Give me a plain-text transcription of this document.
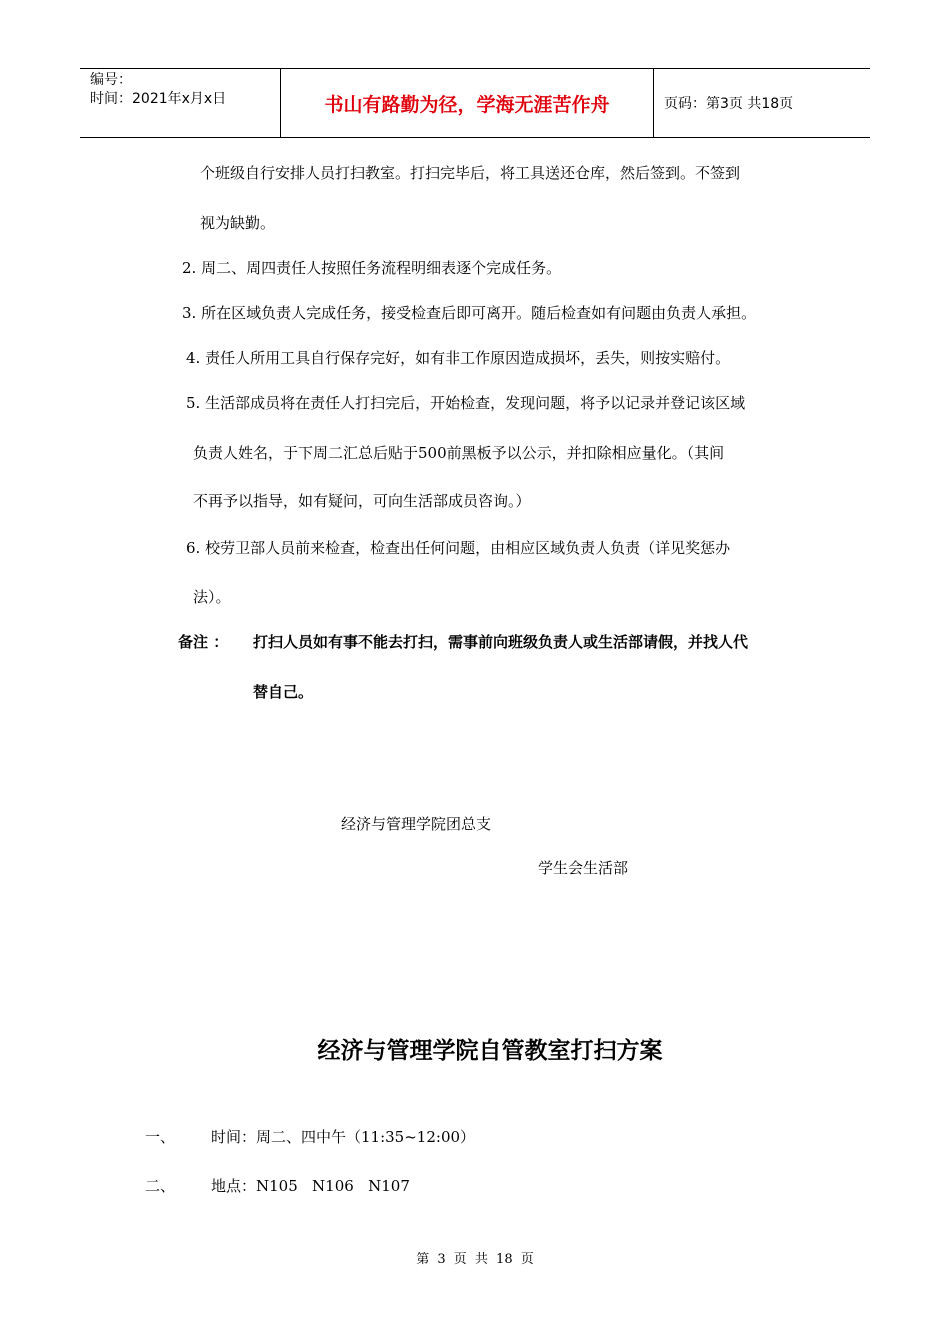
编号：
时间：2021年x月x日	书山有路勤为径，学海无涯苦作舟	页码：第3页 共18页
个班级自行安排人员打扫教室。打扫完毕后，将工具送还仓库，然后签到。不签到
视为缺勤。
2. 周二、周四责任人按照任务流程明细表逐个完成任务。
3. 所在区域负责人完成任务，接受检查后即可离开。随后检查如有问题由负责人承担。
4. 责任人所用工具自行保存完好，如有非工作原因造成损坏，丢失，则按实赔付。
5. 生活部成员将在责任人打扫完后，开始检查，发现问题，将予以记录并登记该区域
负责人姓名，于下周二汇总后贴于500前黑板予以公示，并扣除相应量化。（其间
不再予以指导，如有疑问，可向生活部成员咨询。）
6. 校劳卫部人员前来检查，检查出任何问题，由相应区域负责人负责（详见奖惩办
法）。
备注 ： 打扫人员如有事不能去打扫，需事前向班级负责人或生活部请假，并找人代
替自己。
经济与管理学院团总支
学生会生活部
经济与管理学院自管教室打扫方案
一、 时间：周二、四中午（11:35~12:00）
二、 地点：N105   N106   N107
第 3 页 共 18 页
